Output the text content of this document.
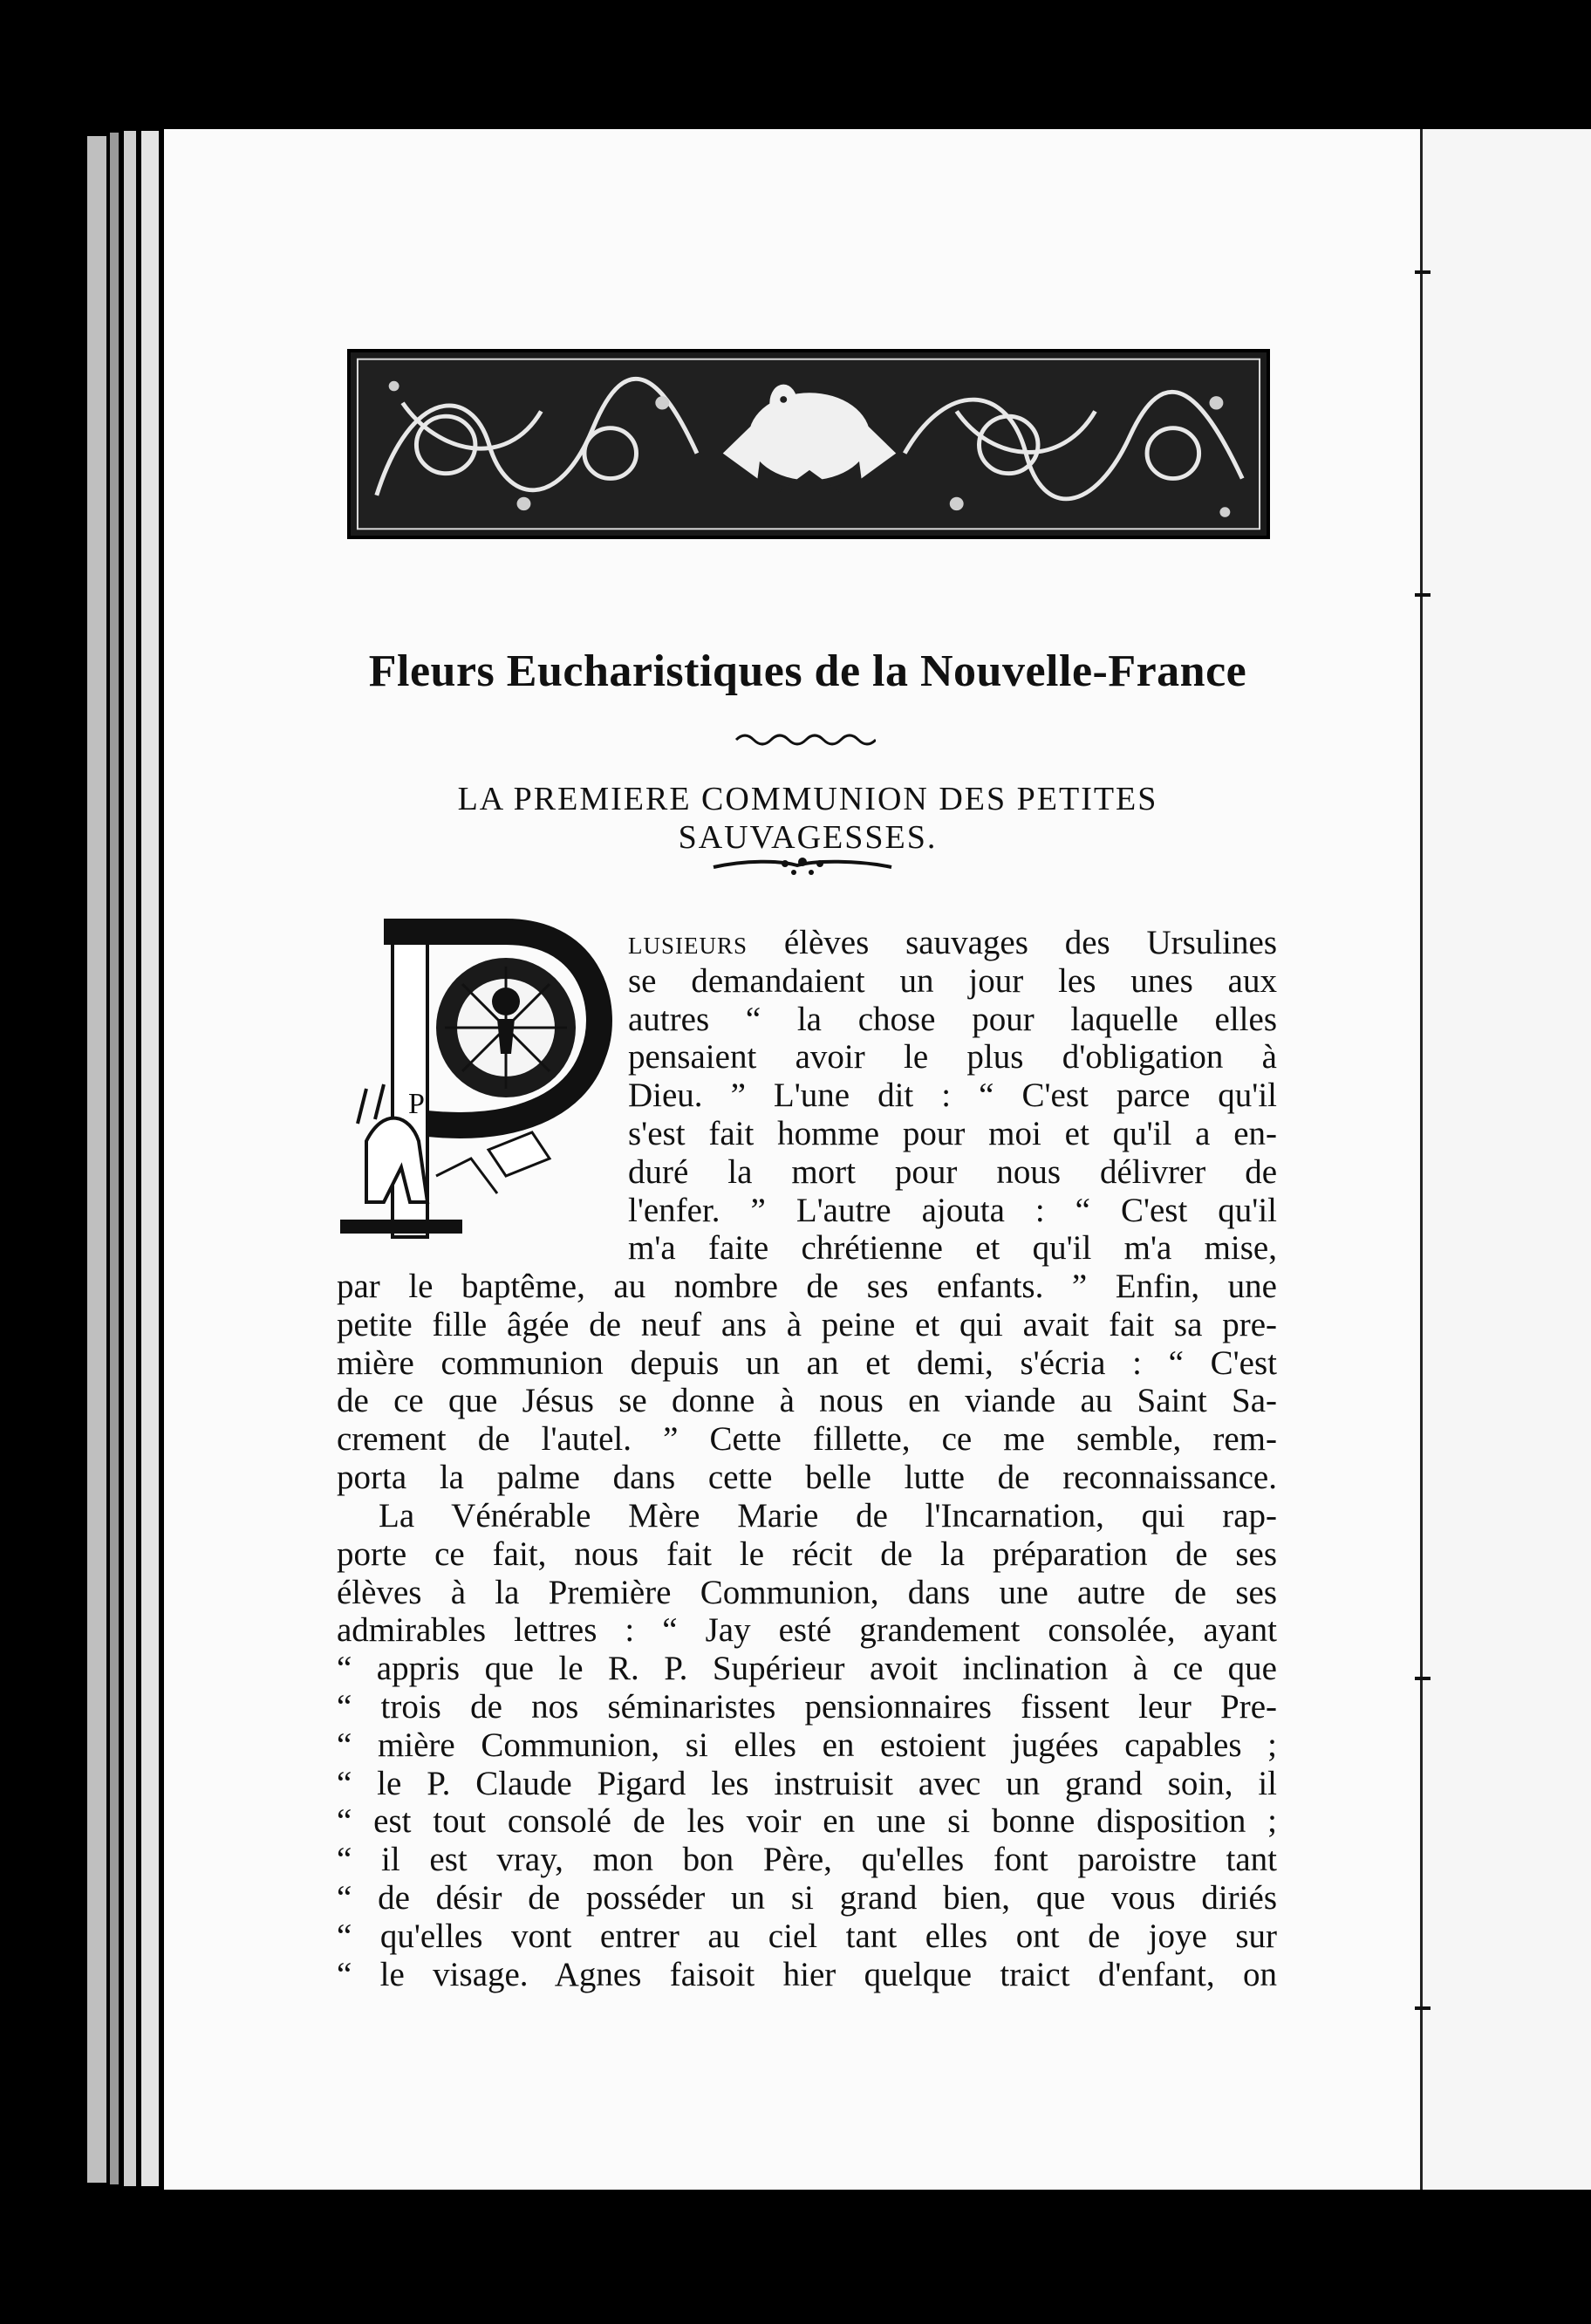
Fleurs Eucharistiques de la Nouvelle-France
LA PREMIERE COMMUNION DES PETITES SAUVAGESSES.
P

lusieurs élèves sauvages des Ursulines

se demandaient un jour les unes aux

autres “ la chose pour laquelle elles

pensaient avoir le plus d'obligation à

Dieu. ” L'une dit : “ C'est parce qu'il

s'est fait homme pour moi et qu'il a en-

duré la mort pour nous délivrer de

l'enfer. ” L'autre ajouta : “ C'est qu'il

m'a faite chrétienne et qu'il m'a mise,

par le baptême, au nombre de ses enfants. ” Enfin, une

petite fille âgée de neuf ans à peine et qui avait fait sa pre-

mière communion depuis un an et demi, s'écria : “ C'est

de ce que Jésus se donne à nous en viande au Saint Sa-

crement de l'autel. ” Cette fillette, ce me semble, rem-

porta la palme dans cette belle lutte de reconnaissance.

La Vénérable Mère Marie de l'Incarnation, qui rap-

porte ce fait, nous fait le récit de la préparation de ses

élèves à la Première Communion, dans une autre de ses

admirables lettres : “ Jay esté grandement consolée, ayant

“ appris que le R. P. Supérieur avoit inclination à ce que

“ trois de nos séminaristes pensionnaires fissent leur Pre-

“ mière Communion, si elles en estoient jugées capables ;

“ le P. Claude Pigard les instruisit avec un grand soin, il

“ est tout consolé de les voir en une si bonne disposition ;

“ il est vray, mon bon Père, qu'elles font paroistre tant

“ de désir de posséder un si grand bien, que vous diriés

“ qu'elles vont entrer au ciel tant elles ont de joye sur

“ le visage. Agnes faisoit hier quelque traict d'enfant, on
